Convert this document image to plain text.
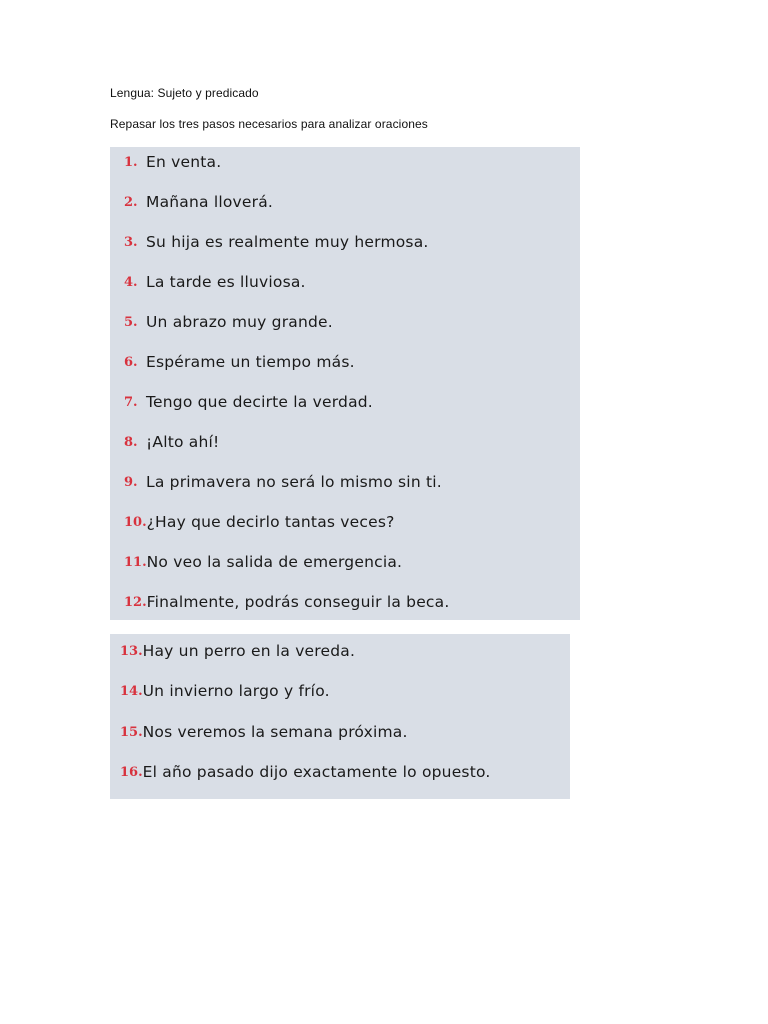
Lengua: Sujeto y predicado
Repasar los tres pasos necesarios para analizar oraciones
1. En venta.
2. Mañana lloverá.
3. Su hija es realmente muy hermosa.
4. La tarde es lluviosa.
5. Un abrazo muy grande.
6. Espérame un tiempo más.
7. Tengo que decirte la verdad.
8. ¡Alto ahí!
9. La primavera no será lo mismo sin ti.
10. ¿Hay que decirlo tantas veces?
11. No veo la salida de emergencia.
12. Finalmente, podrás conseguir la beca.
13. Hay un perro en la vereda.
14. Un invierno largo y frío.
15. Nos veremos la semana próxima.
16. El año pasado dijo exactamente lo opuesto.
